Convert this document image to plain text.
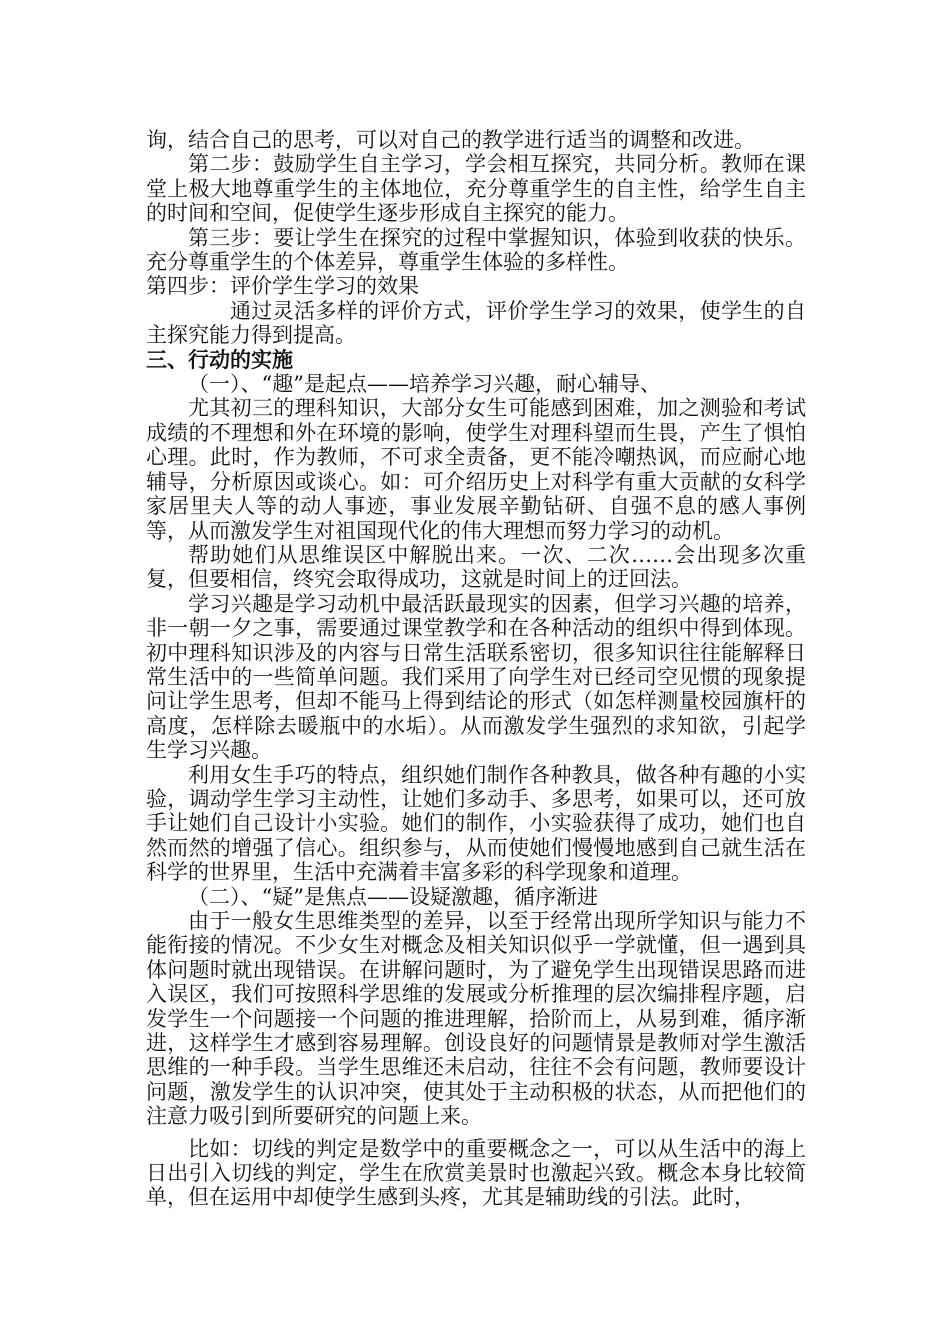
询，结合自己的思考，可以对自己的教学进行适当的调整和改进。

第二步：鼓励学生自主学习，学会相互探究，共同分析。教师在课堂上极大地尊重学生的主体地位，充分尊重学生的自主性，给学生自主的时间和空间，促使学生逐步形成自主探究的能力。

第三步：要让学生在探究的过程中掌握知识，体验到收获的快乐。充分尊重学生的个体差异，尊重学生体验的多样性。

第四步：评价学生学习的效果

通过灵活多样的评价方式，评价学生学习的效果，使学生的自主探究能力得到提高。

三、行动的实施

（一）、“趣”是起点——培养学习兴趣，耐心辅导、

尤其初三的理科知识，大部分女生可能感到困难，加之测验和考试成绩的不理想和外在环境的影响，使学生对理科望而生畏，产生了惧怕心理。此时，作为教师，不可求全责备，更不能冷嘲热讽，而应耐心地辅导，分析原因或谈心。如：可介绍历史上对科学有重大贡献的女科学家居里夫人等的动人事迹，事业发展辛勤钻研、自强不息的感人事例等，从而激发学生对祖国现代化的伟大理想而努力学习的动机。

帮助她们从思维误区中解脱出来。一次、二次……会出现多次重复，但要相信，终究会取得成功，这就是时间上的迂回法。

学习兴趣是学习动机中最活跃最现实的因素，但学习兴趣的培养，非一朝一夕之事，需要通过课堂教学和在各种活动的组织中得到体现。初中理科知识涉及的内容与日常生活联系密切，很多知识往往能解释日常生活中的一些简单问题。我们采用了向学生对已经司空见惯的现象提问让学生思考，但却不能马上得到结论的形式（如怎样测量校园旗杆的高度，怎样除去暖瓶中的水垢）。从而激发学生强烈的求知欲，引起学生学习兴趣。

利用女生手巧的特点，组织她们制作各种教具，做各种有趣的小实验，调动学生学习主动性，让她们多动手、多思考，如果可以，还可放手让她们自己设计小实验。她们的制作，小实验获得了成功，她们也自然而然的增强了信心。组织参与，从而使她们慢慢地感到自己就生活在科学的世界里，生活中充满着丰富多彩的科学现象和道理。

（二）、“疑”是焦点——设疑激趣，循序渐进

由于一般女生思维类型的差异，以至于经常出现所学知识与能力不能衔接的情况。不少女生对概念及相关知识似乎一学就懂，但一遇到具体问题时就出现错误。在讲解问题时，为了避免学生出现错误思路而进入误区，我们可按照科学思维的发展或分析推理的层次编排程序题，启发学生一个问题接一个问题的推进理解，拾阶而上，从易到难，循序渐进，这样学生才感到容易理解。创设良好的问题情景是教师对学生激活思维的一种手段。当学生思维还未启动，往往不会有问题，教师要设计问题，激发学生的认识冲突，使其处于主动积极的状态，从而把他们的注意力吸引到所要研究的问题上来。

比如：切线的判定是数学中的重要概念之一，可以从生活中的海上日出引入切线的判定，学生在欣赏美景时也激起兴致。概念本身比较简单，但在运用中却使学生感到头疼，尤其是辅助线的引法。此时，
